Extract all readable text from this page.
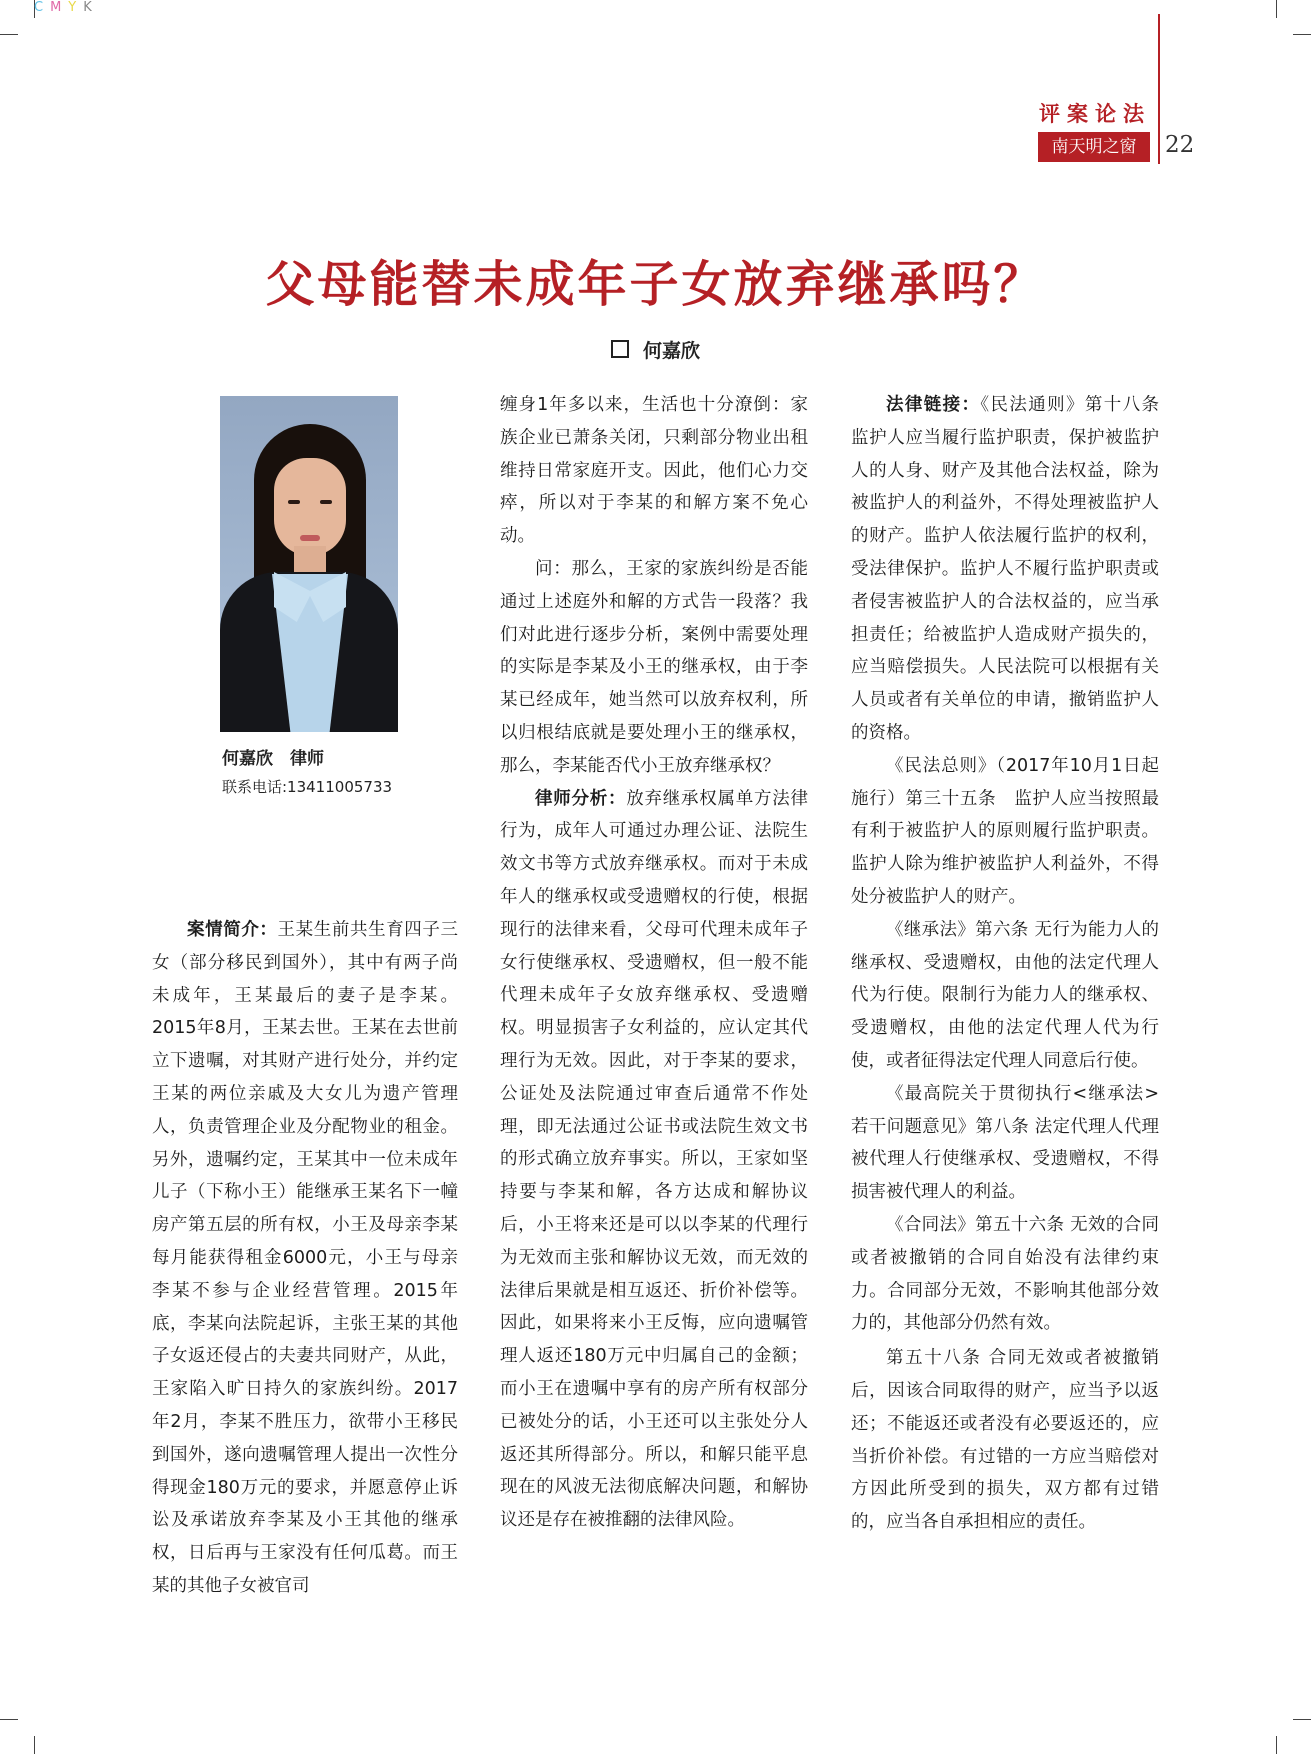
CMYK
评案论法
南天明之窗	22
父母能替未成年子女放弃继承吗？
何嘉欣
何嘉欣　律师
联系电话:13411005733

案情简介：王某生前共生育四子三女（部分移民到国外），其中有两子尚未成年，王某最后的妻子是李某。2015年8月，王某去世。王某在去世前立下遗嘱，对其财产进行处分，并约定王某的两位亲戚及大女儿为遗产管理人，负责管理企业及分配物业的租金。另外，遗嘱约定，王某其中一位未成年儿子（下称小王）能继承王某名下一幢房产第五层的所有权，小王及母亲李某每月能获得租金6000元，小王与母亲李某不参与企业经营管理。2015年底，李某向法院起诉，主张王某的其他子女返还侵占的夫妻共同财产，从此，王家陷入旷日持久的家族纠纷。2017年2月，李某不胜压力，欲带小王移民到国外，遂向遗嘱管理人提出一次性分得现金180万元的要求，并愿意停止诉讼及承诺放弃李某及小王其他的继承权，日后再与王家没有任何瓜葛。而王某的其他子女被官司

缠身1年多以来，生活也十分潦倒：家族企业已萧条关闭，只剩部分物业出租维持日常家庭开支。因此，他们心力交瘁，所以对于李某的和解方案不免心动。

问：那么，王家的家族纠纷是否能通过上述庭外和解的方式告一段落？我们对此进行逐步分析，案例中需要处理的实际是李某及小王的继承权，由于李某已经成年，她当然可以放弃权利，所以归根结底就是要处理小王的继承权，那么，李某能否代小王放弃继承权？

律师分析：放弃继承权属单方法律行为，成年人可通过办理公证、法院生效文书等方式放弃继承权。而对于未成年人的继承权或受遗赠权的行使，根据现行的法律来看，父母可代理未成年子女行使继承权、受遗赠权，但一般不能代理未成年子女放弃继承权、受遗赠权。明显损害子女利益的，应认定其代理行为无效。因此，对于李某的要求，公证处及法院通过审查后通常不作处理，即无法通过公证书或法院生效文书的形式确立放弃事实。所以，王家如坚持要与李某和解，各方达成和解协议后，小王将来还是可以以李某的代理行为无效而主张和解协议无效，而无效的法律后果就是相互返还、折价补偿等。因此，如果将来小王反悔，应向遗嘱管理人返还180万元中归属自己的金额；而小王在遗嘱中享有的房产所有权部分已被处分的话，小王还可以主张处分人返还其所得部分。所以，和解只能平息现在的风波无法彻底解决问题，和解协议还是存在被推翻的法律风险。

法律链接：《民法通则》第十八条　监护人应当履行监护职责，保护被监护人的人身、财产及其他合法权益，除为被监护人的利益外，不得处理被监护人的财产。监护人依法履行监护的权利，受法律保护。监护人不履行监护职责或者侵害被监护人的合法权益的，应当承担责任；给被监护人造成财产损失的，应当赔偿损失。人民法院可以根据有关人员或者有关单位的申请，撤销监护人的资格。

《民法总则》（2017年10月1日起施行）第三十五条　监护人应当按照最有利于被监护人的原则履行监护职责。监护人除为维护被监护人利益外，不得处分被监护人的财产。

《继承法》第六条 无行为能力人的继承权、受遗赠权，由他的法定代理人代为行使。限制行为能力人的继承权、受遗赠权，由他的法定代理人代为行使，或者征得法定代理人同意后行使。

《最高院关于贯彻执行<继承法>若干问题意见》第八条 法定代理人代理被代理人行使继承权、受遗赠权，不得损害被代理人的利益。

《合同法》第五十六条 无效的合同或者被撤销的合同自始没有法律约束力。合同部分无效，不影响其他部分效力的，其他部分仍然有效。

第五十八条 合同无效或者被撤销后，因该合同取得的财产，应当予以返还；不能返还或者没有必要返还的，应当折价补偿。有过错的一方应当赔偿对方因此所受到的损失，双方都有过错的，应当各自承担相应的责任。
